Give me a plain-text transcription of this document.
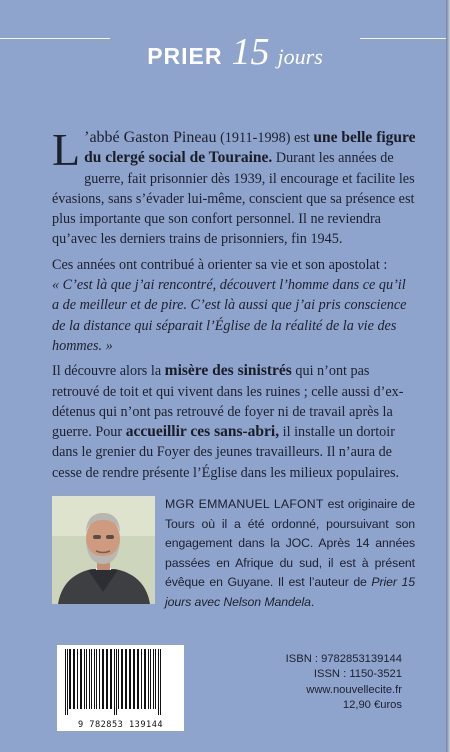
PRIER 15 jours

L ’abbé Gaston Pineau (1911-1998) est une belle figure du clergé social de Touraine. Durant les années de guerre, fait prisonnier dès 1939, il encourage et facilite les évasions, sans s’évader lui-même, conscient que sa présence est plus importante que son confort personnel. Il ne reviendra qu’avec les derniers trains de prisonniers, fin 1945.

Ces années ont contribué à orienter sa vie et son apostolat :
« C’est là que j’ai rencontré, découvert l’homme dans ce qu’il a de meilleur et de pire. C’est là aussi que j’ai pris conscience de la distance qui séparait l’Église de la réalité de la vie des hommes. »

Il découvre alors la misère des sinistrés qui n’ont pas retrouvé de toit et qui vivent dans les ruines ; celle aussi d’ex-détenus qui n’ont pas retrouvé de foyer ni de travail après la guerre. Pour accueillir ces sans-abri, il installe un dortoir dans le grenier du Foyer des jeunes travailleurs. Il n’aura de cesse de rendre présente l’Église dans les milieux populaires.

MGR EMMANUEL LAFONT est originaire de Tours où il a été ordonné, poursuivant son engagement dans la JOC. Après 14 années passées en Afrique du sud, il est à présent évêque en Guyane. Il est l’auteur de Prier 15 jours avec Nelson Mandela.
9 782853 139144
ISBN : 9782853139144
ISSN : 1150-3521
www.nouvellecite.fr
12,90 €uros
